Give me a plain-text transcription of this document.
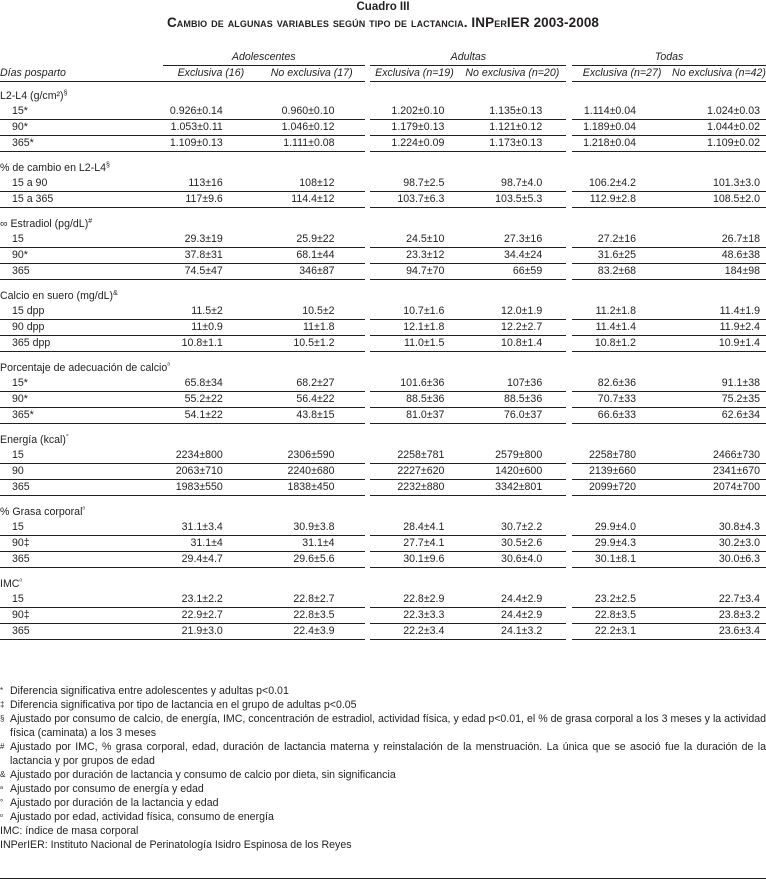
Cuadro III
Cambio de algunas variables según tipo de lactancia. INPerIER 2003-2008
	Adolescentes			Adultas			Todas	
Días posparto	Exclusiva (16)	No exclusiva (17)		Exclusiva (n=19)	No exclusiva (n=20)		Exclusiva (n=27)	No exclusiva (n=42)
L2-L4 (g/cm²)§
15*	0.926±0.14	0.960±0.10		1.202±0.10	1.135±0.13		1.114±0.04	1.024±0.03
90*	1.053±0.11	1.046±0.12		1.179±0.13	1.121±0.12		1.189±0.04	1.044±0.02
365*	1.109±0.13	1.111±0.08		1.224±0.09	1.173±0.13		1.218±0.04	1.109±0.02
% de cambio en L2-L4§
15 a 90	113±16	108±12		98.7±2.5	98.7±4.0		106.2±4.2	101.3±3.0
15 a 365	117±9.6	114.4±12		103.7±6.3	103.5±5.3		112.9±2.8	108.5±2.0
∞ Estradiol (pg/dL)#
15	29.3±19	25.9±22		24.5±10	27.3±16		27.2±16	26.7±18
90*	37.8±31	68.1±44		23.3±12	34.4±24		31.6±25	48.6±38
365	74.5±47	346±87		94.7±70	66±59		83.2±68	184±98
Calcio en suero (mg/dL)&
15 dpp	11.5±2	10.5±2		10.7±1.6	12.0±1.9		11.2±1.8	11.4±1.9
90 dpp	11±0.9	11±1.8		12.1±1.8	12.2±2.7		11.4±1.4	11.9±2.4
365 dpp	10.8±1.1	10.5±1.2		11.0±1.5	10.8±1.4		10.8±1.2	10.9±1.4
Porcentaje de adecuación de calcio$^ᵃ$
15*	65.8±34	68.2±27		101.6±36	107±36		82.6±36	91.1±38
90*	55.2±22	56.4±22		88.5±36	88.5±36		70.7±33	75.2±35
365*	54.1±22	43.8±15		81.0±37	76.0±37		66.6±33	62.6±34
Energía (kcal)°
15	2234±800	2306±590		2258±781	2579±800		2258±780	2466±730
90	2063±710	2240±680		2227±620	1420±600		2139±660	2341±670
365	1983±550	1838±450		2232±880	3342±801		2099±720	2074±700
% Grasa corporal$^ᵒ$
15	31.1±3.4	30.9±3.8		28.4±4.1	30.7±2.2		29.9±4.0	30.8±4.3
90‡	31.1±4	31.1±4		27.7±4.1	30.5±2.6		29.9±4.3	30.2±3.0
365	29.4±4.7	29.6±5.6		30.1±9.6	30.6±4.0		30.1±8.1	30.0±6.3
$IMC^ᵒ$
15	23.1±2.2	22.8±2.7		22.8±2.9	24.4±2.9		23.2±2.5	22.7±3.4
90‡	22.9±2.7	22.8±3.5		22.3±3.3	24.4±2.9		22.8±3.5	23.8±3.2
365	21.9±3.0	22.4±3.9		22.2±3.4	24.1±3.2		22.2±3.1	23.6±3.4
* Diferencia significativa entre adolescentes y adultas p<0.01
‡ Diferencia significativa por tipo de lactancia en el grupo de adultas p<0.05
§ Ajustado por consumo de calcio, de energía, IMC, concentración de estradiol, actividad física, y edad p<0.01, el % de grasa corporal a los 3 meses y la actividad física (caminata) a los 3 meses
# Ajustado por IMC, % grasa corporal, edad, duración de lactancia materna y reinstalación de la menstruación. La única que se asoció fue la duración de la lactancia y por grupos de edad
& Ajustado por duración de lactancia y consumo de calcio por dieta, sin significancia
ᵃ Ajustado por consumo de energía y edad
° Ajustado por duración de la lactancia y edad
ᵒ Ajustado por edad, actividad física, consumo de energía
IMC: índice de masa corporal
INPerIER: Instituto Nacional de Perinatología Isidro Espinosa de los Reyes
